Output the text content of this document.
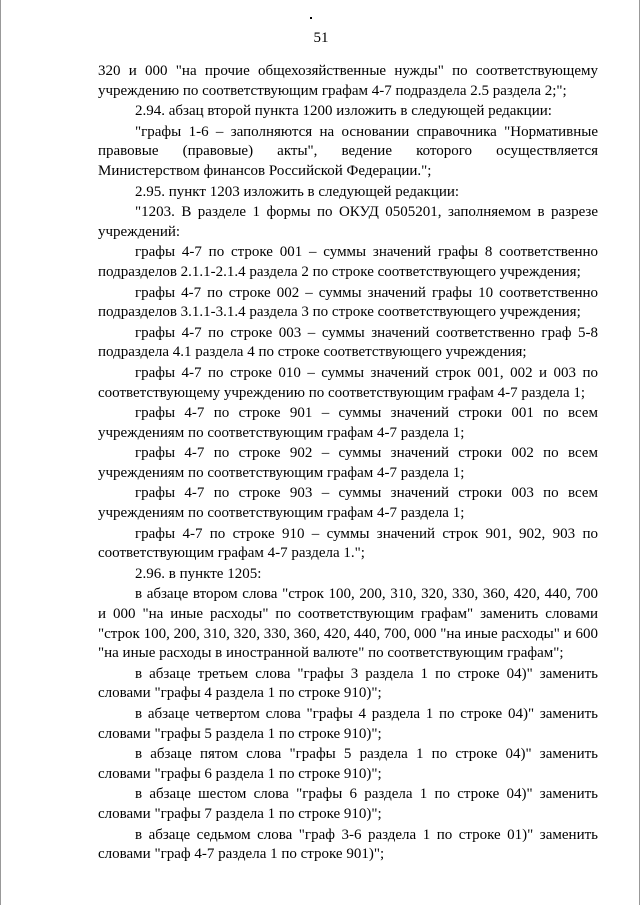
51

320 и 000 "на прочие общехозяйственные нужды" по соответствующему учреждению по соответствующим графам 4-7 подраздела 2.5 раздела 2;";

2.94. абзац второй пункта 1200 изложить в следующей редакции:

"графы 1-6 – заполняются на основании справочника "Нормативные правовые (правовые) акты", ведение которого осуществляется Министерством финансов Российской Федерации.";

2.95. пункт 1203 изложить в следующей редакции:

"1203. В разделе 1 формы по ОКУД 0505201, заполняемом в разрезе учреждений:

графы 4-7 по строке 001 – суммы значений графы 8 соответственно подразделов 2.1.1-2.1.4 раздела 2 по строке соответствующего учреждения;

графы 4-7 по строке 002 – суммы значений графы 10 соответственно подразделов 3.1.1-3.1.4 раздела 3 по строке соответствующего учреждения;

графы 4-7 по строке 003 – суммы значений соответственно граф 5-8 подраздела 4.1 раздела 4 по строке соответствующего учреждения;

графы 4-7 по строке 010 – суммы значений строк 001, 002 и 003 по соответствующему учреждению по соответствующим графам 4-7 раздела 1;

графы 4-7 по строке 901 – суммы значений строки 001 по всем учреждениям по соответствующим графам 4-7 раздела 1;

графы 4-7 по строке 902 – суммы значений строки 002 по всем учреждениям по соответствующим графам 4-7 раздела 1;

графы 4-7 по строке 903 – суммы значений строки 003 по всем учреждениям по соответствующим графам 4-7 раздела 1;

графы 4-7 по строке 910 – суммы значений строк 901, 902, 903 по соответствующим графам 4-7 раздела 1.";

2.96. в пункте 1205:

в абзаце втором слова "строк 100, 200, 310, 320, 330, 360, 420, 440, 700 и 000 "на иные расходы" по соответствующим графам" заменить словами "строк 100, 200, 310, 320, 330, 360, 420, 440, 700, 000 "на иные расходы" и 600 "на иные расходы в иностранной валюте" по соответствующим графам";

в абзаце третьем слова "графы 3 раздела 1 по строке 04)" заменить словами "графы 4 раздела 1 по строке 910)";

в абзаце четвертом слова "графы 4 раздела 1 по строке 04)" заменить словами "графы 5 раздела 1 по строке 910)";

в абзаце пятом слова "графы 5 раздела 1 по строке 04)" заменить словами "графы 6 раздела 1 по строке 910)";

в абзаце шестом слова "графы 6 раздела 1 по строке 04)" заменить словами "графы 7 раздела 1 по строке 910)";

в абзаце седьмом слова "граф 3-6 раздела 1 по строке 01)" заменить словами "граф 4-7 раздела 1 по строке 901)";
